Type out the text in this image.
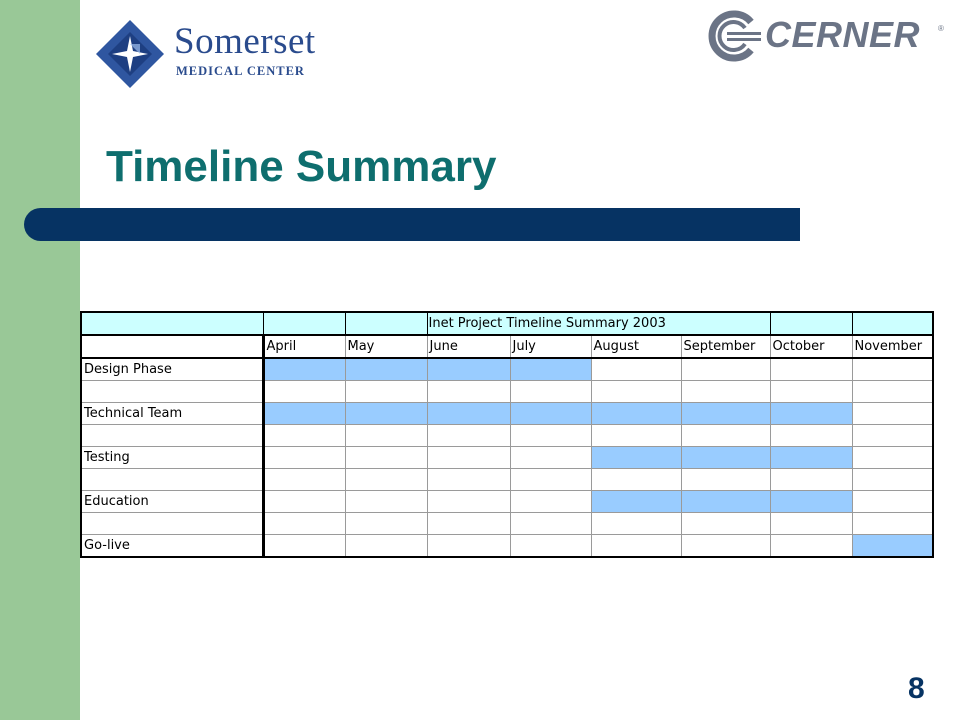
Somerset
MEDICAL CENTER
CERNER ®
Timeline Summary
			Inet Project Timeline Summary 2003					
	April	May	June	July	August	September	October	November
Design Phase								

Technical Team								

Testing								

Education								

Go-live								
8
